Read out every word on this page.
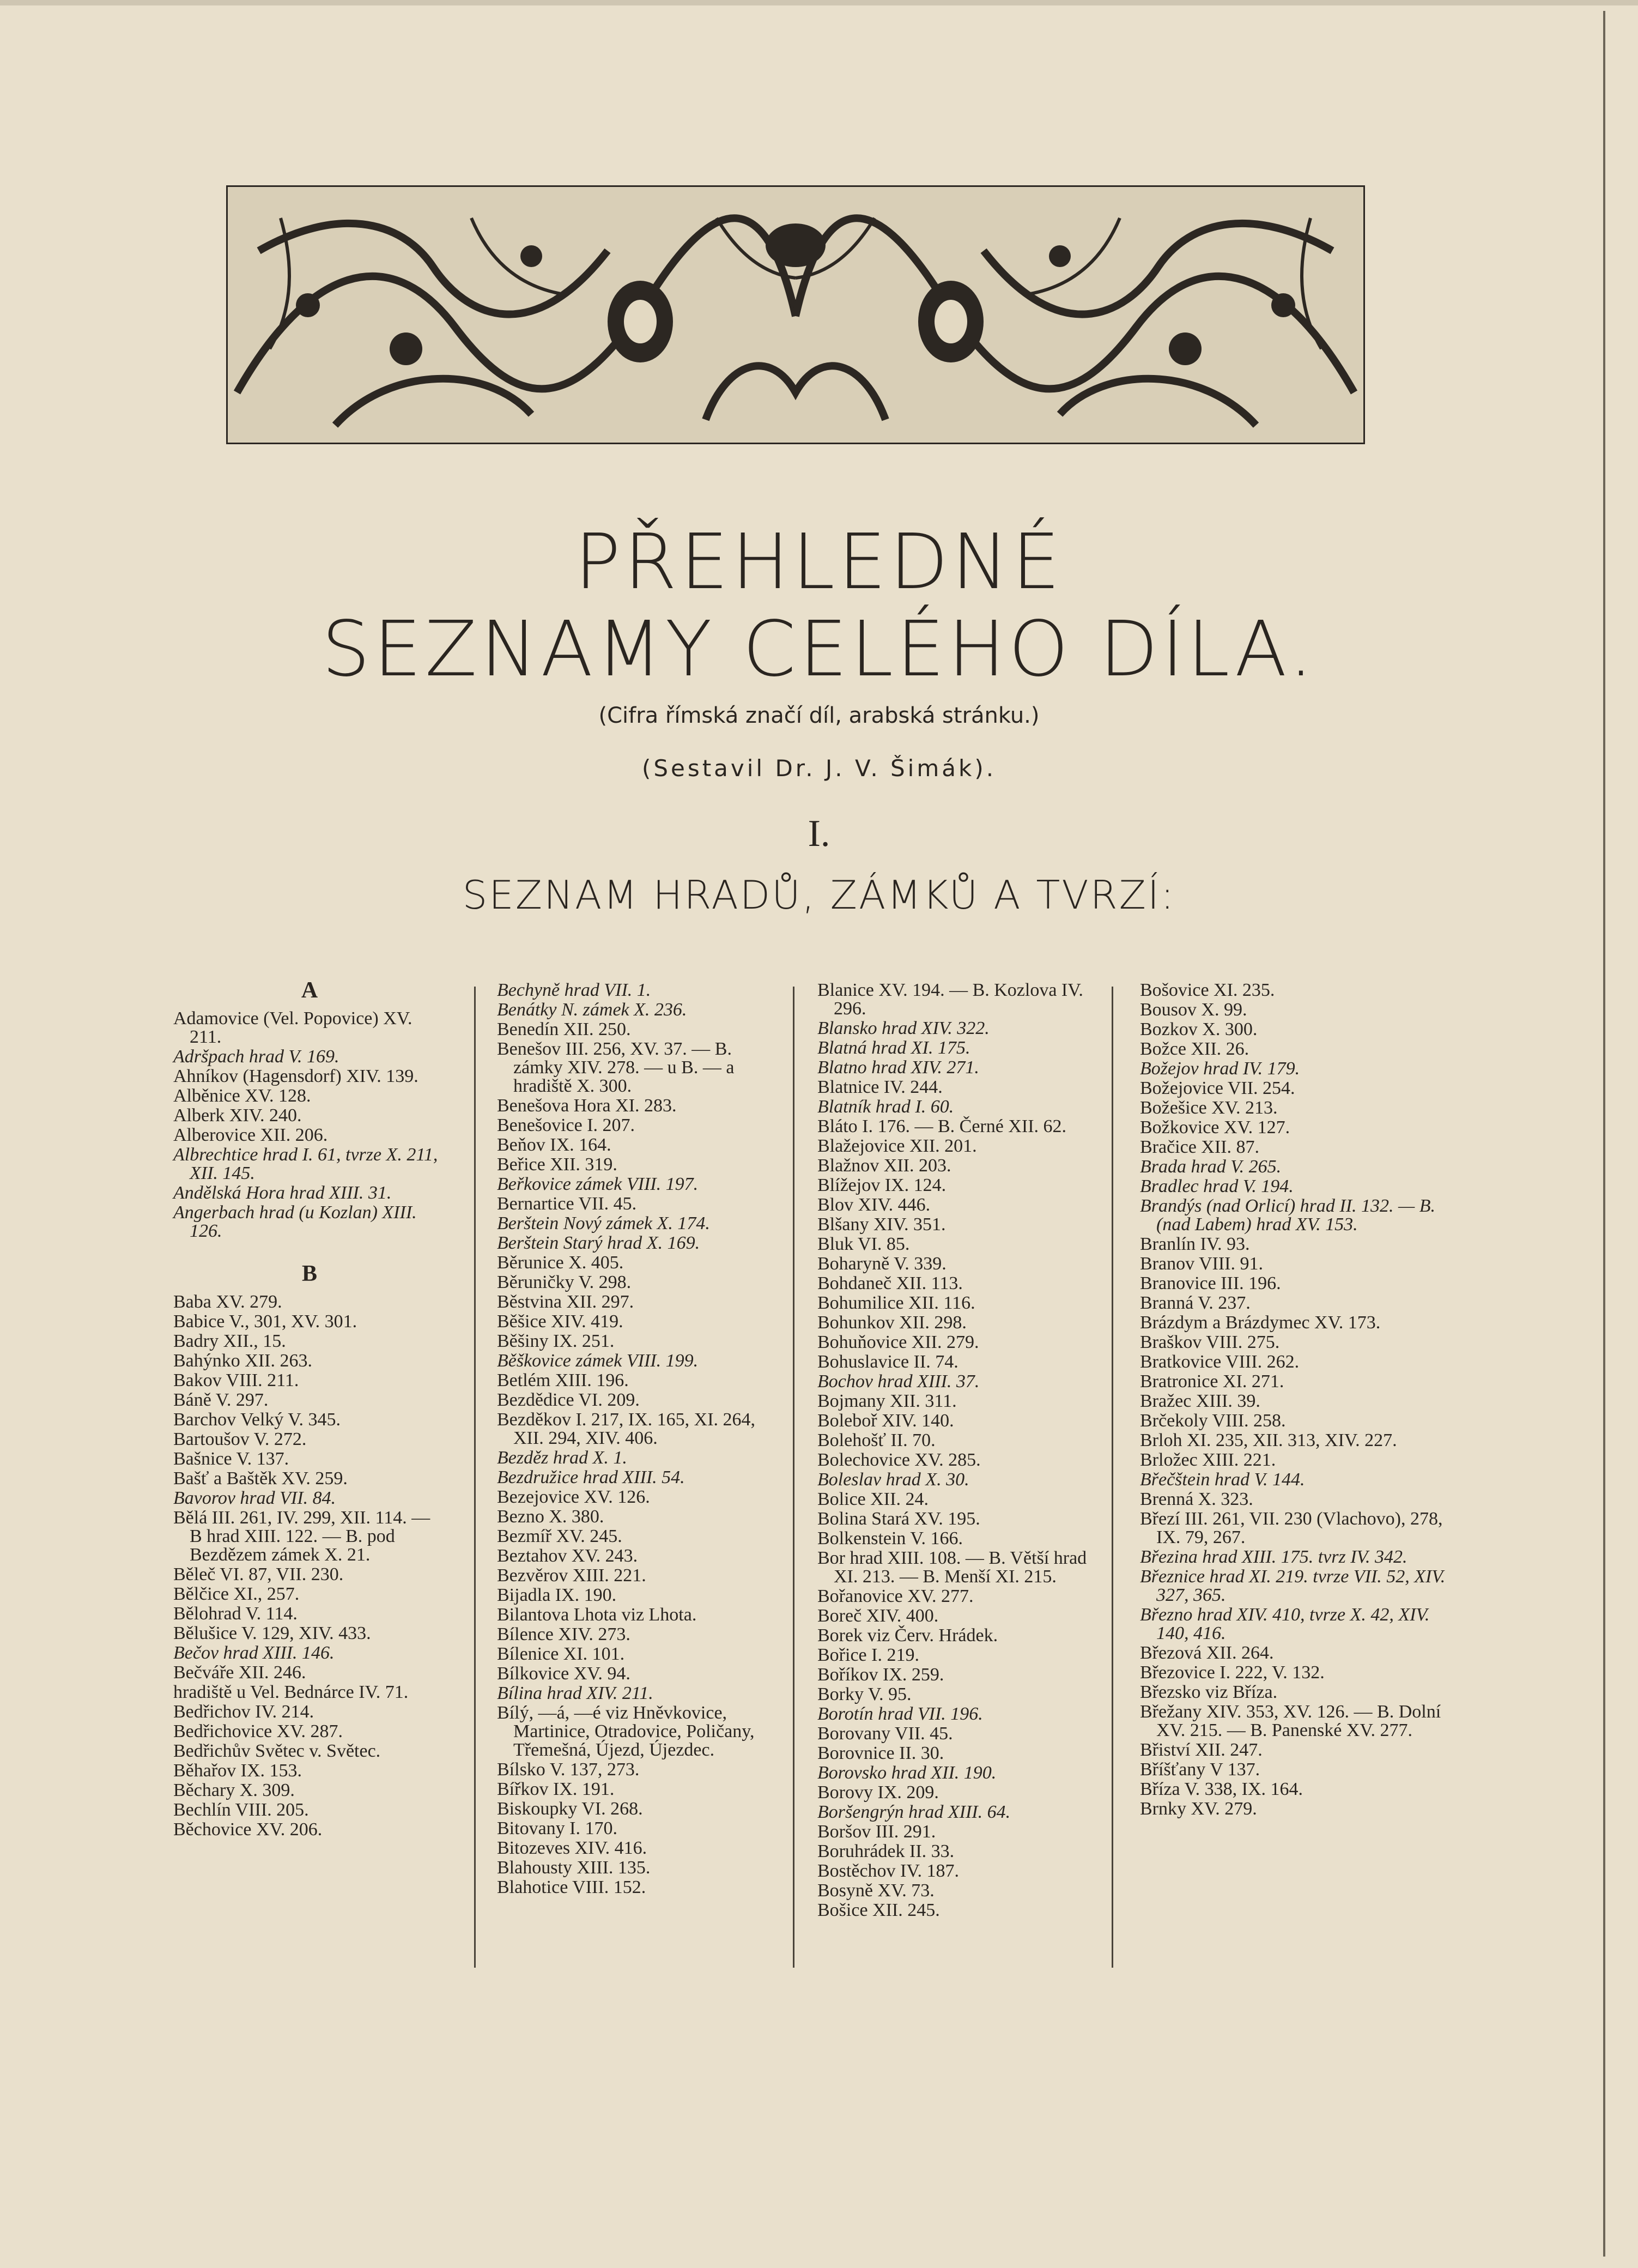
PŘEHLEDNÉ
SEZNAMY CELÉHO DÍLA.
(Cifra římská značí díl, arabská stránku.)
(Sestavil Dr. J. V. Šimák).
I.
SEZNAM HRADŮ, ZÁMKŮ A TVRZÍ:
A
Adamovice (Vel. Popovice) XV. 211.
Adršpach hrad V. 169.
Ahníkov (Hagensdorf) XIV. 139.
Alběnice XV. 128.
Alberk XIV. 240.
Alberovice XII. 206.
Albrechtice hrad I. 61, tvrze X. 211, XII. 145.
Andělská Hora hrad XIII. 31.
Angerbach hrad (u Kozlan) XIII. 126.
B
Baba XV. 279.
Babice V., 301, XV. 301.
Badry XII., 15.
Bahýnko XII. 263.
Bakov VIII. 211.
Báně V. 297.
Barchov Velký V. 345.
Bartoušov V. 272.
Bašnice V. 137.
Bašť a Baštěk XV. 259.
Bavorov hrad VII. 84.
Bělá III. 261, IV. 299, XII. 114. — B hrad XIII. 122. — B. pod Bezdězem zámek X. 21.
Běleč VI. 87, VII. 230.
Bělčice XI., 257.
Bělohrad V. 114.
Bělušice V. 129, XIV. 433.
Bečov hrad XIII. 146.
Bečváře XII. 246.
hradiště u Vel. Bednárce IV. 71.
Bedřichov IV. 214.
Bedřichovice XV. 287.
Bedřichův Světec v. Světec.
Běhařov IX. 153.
Běchary X. 309.
Bechlín VIII. 205.
Běchovice XV. 206.
Bechyně hrad VII. 1.
Benátky N. zámek X. 236.
Benedín XII. 250.
Benešov III. 256, XV. 37. — B. zámky XIV. 278. — u B. — a hradiště X. 300.
Benešova Hora XI. 283.
Benešovice I. 207.
Beňov IX. 164.
Beřice XII. 319.
Beřkovice zámek VIII. 197.
Bernartice VII. 45.
Berštein Nový zámek X. 174.
Berštein Starý hrad X. 169.
Běrunice X. 405.
Běruničky V. 298.
Běstvina XII. 297.
Běšice XIV. 419.
Běšiny IX. 251.
Běškovice zámek VIII. 199.
Betlém XIII. 196.
Bezdědice VI. 209.
Bezděkov I. 217, IX. 165, XI. 264, XII. 294, XIV. 406.
Bezděz hrad X. 1.
Bezdružice hrad XIII. 54.
Bezejovice XV. 126.
Bezno X. 380.
Bezmíř XV. 245.
Beztahov XV. 243.
Bezvěrov XIII. 221.
Bijadla IX. 190.
Bilantova Lhota viz Lhota.
Bílence XIV. 273.
Bílenice XI. 101.
Bílkovice XV. 94.
Bílina hrad XIV. 211.
Bílý, —á, —é viz Hněvkovice, Martinice, Otradovice, Poličany, Třemešná, Újezd, Újezdec.
Bílsko V. 137, 273.
Bířkov IX. 191.
Biskoupky VI. 268.
Bitovany I. 170.
Bitozeves XIV. 416.
Blahousty XIII. 135.
Blahotice VIII. 152.
Blanice XV. 194. — B. Kozlova IV. 296.
Blansko hrad XIV. 322.
Blatná hrad XI. 175.
Blatno hrad XIV. 271.
Blatnice IV. 244.
Blatník hrad I. 60.
Bláto I. 176. — B. Černé XII. 62.
Blažejovice XII. 201.
Blažnov XII. 203.
Blížejov IX. 124.
Blov XIV. 446.
Blšany XIV. 351.
Bluk VI. 85.
Boharyně V. 339.
Bohdaneč XII. 113.
Bohumilice XII. 116.
Bohunkov XII. 298.
Bohuňovice XII. 279.
Bohuslavice II. 74.
Bochov hrad XIII. 37.
Bojmany XII. 311.
Boleboř XIV. 140.
Bolehošť II. 70.
Bolechovice XV. 285.
Boleslav hrad X. 30.
Bolice XII. 24.
Bolina Stará XV. 195.
Bolkenstein V. 166.
Bor hrad XIII. 108. — B. Větší hrad XI. 213. — B. Menší XI. 215.
Bořanovice XV. 277.
Boreč XIV. 400.
Borek viz Červ. Hrádek.
Bořice I. 219.
Boříkov IX. 259.
Borky V. 95.
Borotín hrad VII. 196.
Borovany VII. 45.
Borovnice II. 30.
Borovsko hrad XII. 190.
Borovy IX. 209.
Boršengrýn hrad XIII. 64.
Boršov III. 291.
Boruhrádek II. 33.
Bostěchov IV. 187.
Bosyně XV. 73.
Bošice XII. 245.
Bošovice XI. 235.
Bousov X. 99.
Bozkov X. 300.
Božce XII. 26.
Božejov hrad IV. 179.
Božejovice VII. 254.
Božešice XV. 213.
Božkovice XV. 127.
Bračice XII. 87.
Brada hrad V. 265.
Bradlec hrad V. 194.
Brandýs (nad Orlicí) hrad II. 132. — B. (nad Labem) hrad XV. 153.
Branlín IV. 93.
Branov VIII. 91.
Branovice III. 196.
Branná V. 237.
Brázdym a Brázdymec XV. 173.
Braškov VIII. 275.
Bratkovice VIII. 262.
Bratronice XI. 271.
Bražec XIII. 39.
Brčekoly VIII. 258.
Brloh XI. 235, XII. 313, XIV. 227.
Brložec XIII. 221.
Břečštein hrad V. 144.
Brenná X. 323.
Březí III. 261, VII. 230 (Vlachovo), 278, IX. 79, 267.
Březina hrad XIII. 175. tvrz IV. 342.
Březnice hrad XI. 219. tvrze VII. 52, XIV. 327, 365.
Březno hrad XIV. 410, tvrze X. 42, XIV. 140, 416.
Březová XII. 264.
Březovice I. 222, V. 132.
Březsko viz Bříza.
Břežany XIV. 353, XV. 126. — B. Dolní XV. 215. — B. Panenské XV. 277.
Břiství XII. 247.
Bříšťany V 137.
Bříza V. 338, IX. 164.
Brnky XV. 279.
